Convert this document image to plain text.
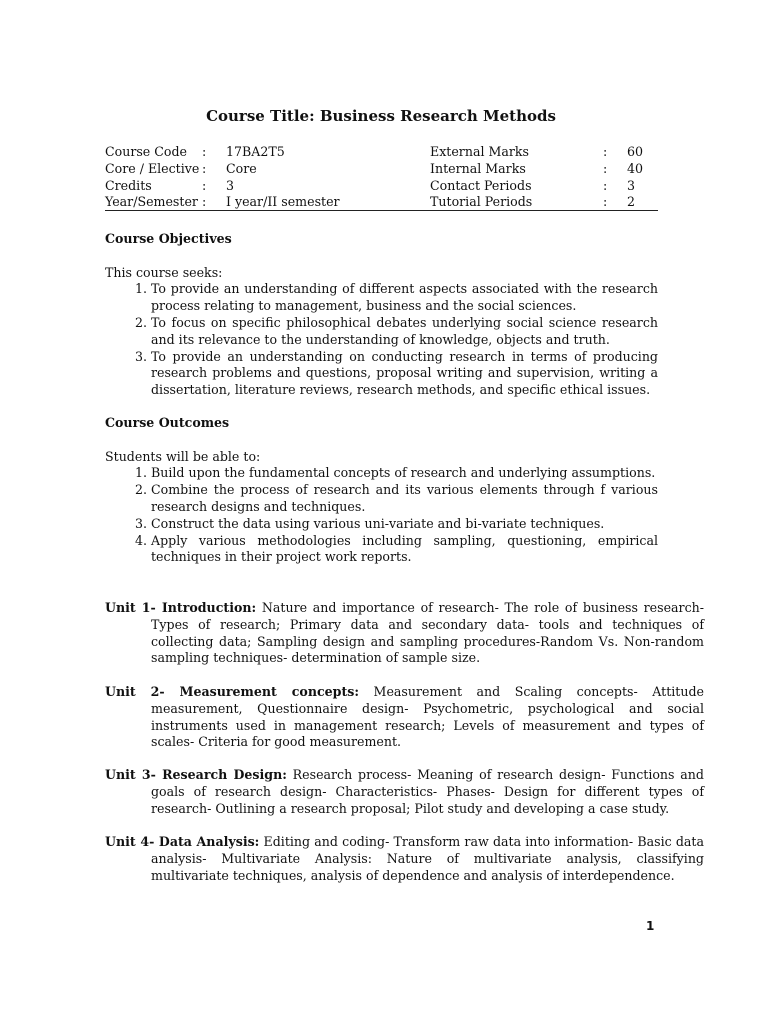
Course Title: Business Research Methods
Course Code : 17BA2T5	External Marks	: 60
Core / Elective : Core	Internal Marks	: 40
Credits	: 3	Contact Periods	: 3
Year/Semester : I year/II semester	Tutorial Periods	: 2
Course Objectives
This course seeks:
1. To provide an understanding of different aspects associated with the research process relating to management, business and the social sciences.
2. To focus on specific philosophical debates underlying social science research and its relevance to the understanding of knowledge, objects and truth.
3. To provide an understanding on conducting research in terms of producing research problems and questions, proposal writing and supervision, writing a dissertation, literature reviews, research methods, and specific ethical issues.
Course Outcomes
Students will be able to:
1. Build upon the fundamental concepts of research and underlying assumptions.
2. Combine the process of research and its various elements through f various research designs and techniques.
3. Construct the data using various uni-variate and bi-variate techniques.
4. Apply various methodologies including sampling, questioning, empirical techniques in their project work reports.
Unit 1- Introduction: Nature and importance of research- The role of business research- Types of research; Primary data and secondary data- tools and techniques of collecting data; Sampling design and sampling procedures-Random Vs. Non-random sampling techniques- determination of sample size.
Unit 2- Measurement concepts: Measurement and Scaling concepts- Attitude measurement, Questionnaire design- Psychometric, psychological and social instruments used in management research; Levels of measurement and types of scales- Criteria for good measurement.
Unit 3- Research Design: Research process- Meaning of research design- Functions and goals of research design- Characteristics- Phases- Design for different types of research- Outlining a research proposal; Pilot study and developing a case study.
Unit 4- Data Analysis: Editing and coding- Transform raw data into information- Basic data analysis- Multivariate Analysis: Nature of multivariate analysis, classifying multivariate techniques, analysis of dependence and analysis of interdependence.
1
